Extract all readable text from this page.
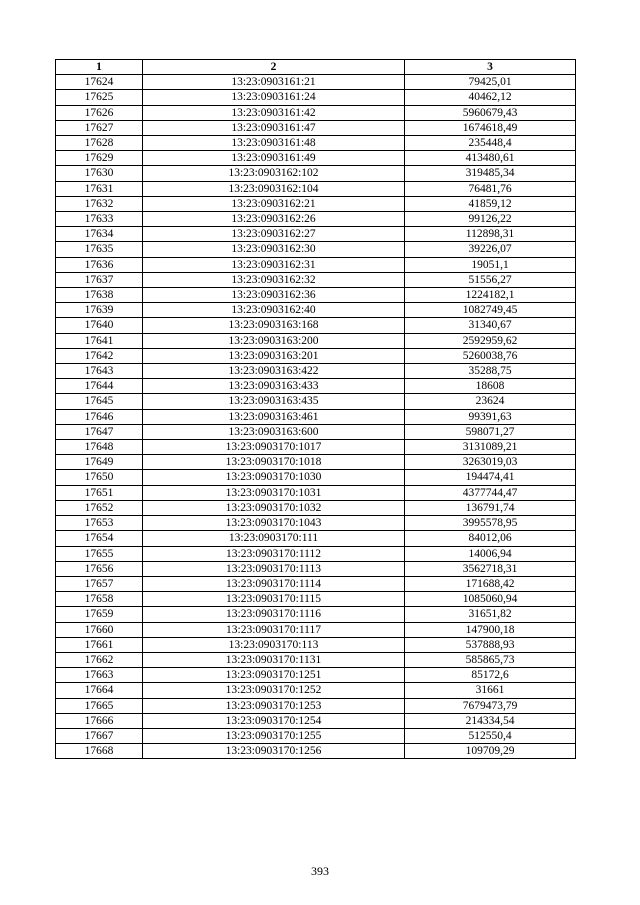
1	2	3
17624	13:23:0903161:21	79425,01
17625	13:23:0903161:24	40462,12
17626	13:23:0903161:42	5960679,43
17627	13:23:0903161:47	1674618,49
17628	13:23:0903161:48	235448,4
17629	13:23:0903161:49	413480,61
17630	13:23:0903162:102	319485,34
17631	13:23:0903162:104	76481,76
17632	13:23:0903162:21	41859,12
17633	13:23:0903162:26	99126,22
17634	13:23:0903162:27	112898,31
17635	13:23:0903162:30	39226,07
17636	13:23:0903162:31	19051,1
17637	13:23:0903162:32	51556,27
17638	13:23:0903162:36	1224182,1
17639	13:23:0903162:40	1082749,45
17640	13:23:0903163:168	31340,67
17641	13:23:0903163:200	2592959,62
17642	13:23:0903163:201	5260038,76
17643	13:23:0903163:422	35288,75
17644	13:23:0903163:433	18608
17645	13:23:0903163:435	23624
17646	13:23:0903163:461	99391,63
17647	13:23:0903163:600	598071,27
17648	13:23:0903170:1017	3131089,21
17649	13:23:0903170:1018	3263019,03
17650	13:23:0903170:1030	194474,41
17651	13:23:0903170:1031	4377744,47
17652	13:23:0903170:1032	136791,74
17653	13:23:0903170:1043	3995578,95
17654	13:23:0903170:111	84012,06
17655	13:23:0903170:1112	14006,94
17656	13:23:0903170:1113	3562718,31
17657	13:23:0903170:1114	171688,42
17658	13:23:0903170:1115	1085060,94
17659	13:23:0903170:1116	31651,82
17660	13:23:0903170:1117	147900,18
17661	13:23:0903170:113	537888,93
17662	13:23:0903170:1131	585865,73
17663	13:23:0903170:1251	85172,6
17664	13:23:0903170:1252	31661
17665	13:23:0903170:1253	7679473,79
17666	13:23:0903170:1254	214334,54
17667	13:23:0903170:1255	512550,4
17668	13:23:0903170:1256	109709,29
393
